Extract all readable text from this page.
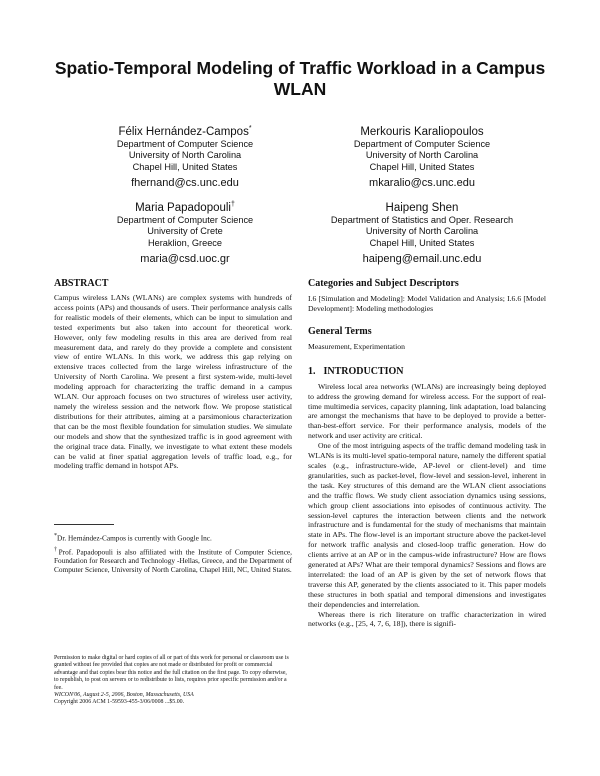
Spatio-Temporal Modeling of Traffic Workload in a Campus WLAN
Félix Hernández-Campos*
Department of Computer Science
University of North Carolina
Chapel Hill, United States
fhernand@cs.unc.edu
Merkouris Karaliopoulos
Department of Computer Science
University of North Carolina
Chapel Hill, United States
mkaralio@cs.unc.edu
Maria Papadopouli†
Department of Computer Science
University of Crete
Heraklion, Greece
maria@csd.uoc.gr
Haipeng Shen
Department of Statistics and Oper. Research
University of North Carolina
Chapel Hill, United States
haipeng@email.unc.edu
ABSTRACT

Campus wireless LANs (WLANs) are complex systems with hundreds of access points (APs) and thousands of users. Their performance analysis calls for realistic models of their elements, which can be input to simulation and tested experiments but also taken into account for theoretical work. However, only few modeling results in this area are derived from real measurement data, and rarely do they provide a complete and consistent view of entire WLANs. In this work, we address this gap relying on extensive traces collected from the large wireless infrastructure of the University of North Carolina. We present a first system-wide, multi-level modeling approach for characterizing the traffic demand in a campus WLAN. Our approach focuses on two structures of wireless user activity, namely the wireless session and the network flow. We propose statistical distributions for their attributes, aiming at a parsimonious characterization that can be the most flexible foundation for simulation studies. We simulate our models and show that the synthesized traffic is in good agreement with the original trace data. Finally, we investigate to what extent these models can be valid at finer spatial aggregation levels of traffic load, e.g., for modeling traffic demand in hotspot APs.

*Dr. Hernández-Campos is currently with Google Inc.

†Prof. Papadopouli is also affiliated with the Institute of Computer Science, Foundation for Research and Technology -Hellas, Greece, and the Department of Computer Science, University of North Carolina, Chapel Hill, NC, United States.

Permission to make digital or hard copies of all or part of this work for personal or classroom use is granted without fee provided that copies are not made or distributed for profit or commercial advantage and that copies bear this notice and the full citation on the first page. To copy otherwise, to republish, to post on servers or to redistribute to lists, requires prior specific permission and/or a fee.

WICON'06, August 2-5, 2006, Boston, Massachusetts, USA

Copyright 2006 ACM 1-59593-455-3/06/0008 ...$5.00.

Categories and Subject Descriptors

I.6 [Simulation and Modeling]: Model Validation and Analysis; I.6.6 [Model Development]: Modeling methodologies

General Terms

Measurement, Experimentation

1. INTRODUCTION

Wireless local area networks (WLANs) are increasingly being deployed to address the growing demand for wireless access. For the support of real-time multimedia services, capacity planning, link adaptation, load balancing are amongst the mechanisms that have to be deployed to provide a better-than-best-effort service. For their performance analysis, models of the network and user activity are critical.

One of the most intriguing aspects of the traffic demand modeling task in WLANs is its multi-level spatio-temporal nature, namely the different spatial scales (e.g., infrastructure-wide, AP-level or client-level) and time granularities, such as packet-level, flow-level and session-level, inherent in the task. Key structures of this demand are the WLAN client associations and the traffic flows. We study client association dynamics using sessions, which group client associations into episodes of continuous activity. The session-level captures the interaction between clients and the network infrastructure and is fundamental for the study of mechanisms that maintain state in APs. The flow-level is an important structure above the packet-level for network traffic analysis and closed-loop traffic generation. How do clients arrive at an AP or in the campus-wide infrastructure? How are flows generated at APs? What are their temporal dynamics? Sessions and flows are interrelated: the load of an AP is given by the set of network flows that traverse this AP, generated by the clients associated to it. This paper models these structures in both spatial and temporal dimensions and investigates their dependencies and interrelation.

Whereas there is rich literature on traffic characterization in wired networks (e.g., [25, 4, 7, 6, 18]), there is signifi-
